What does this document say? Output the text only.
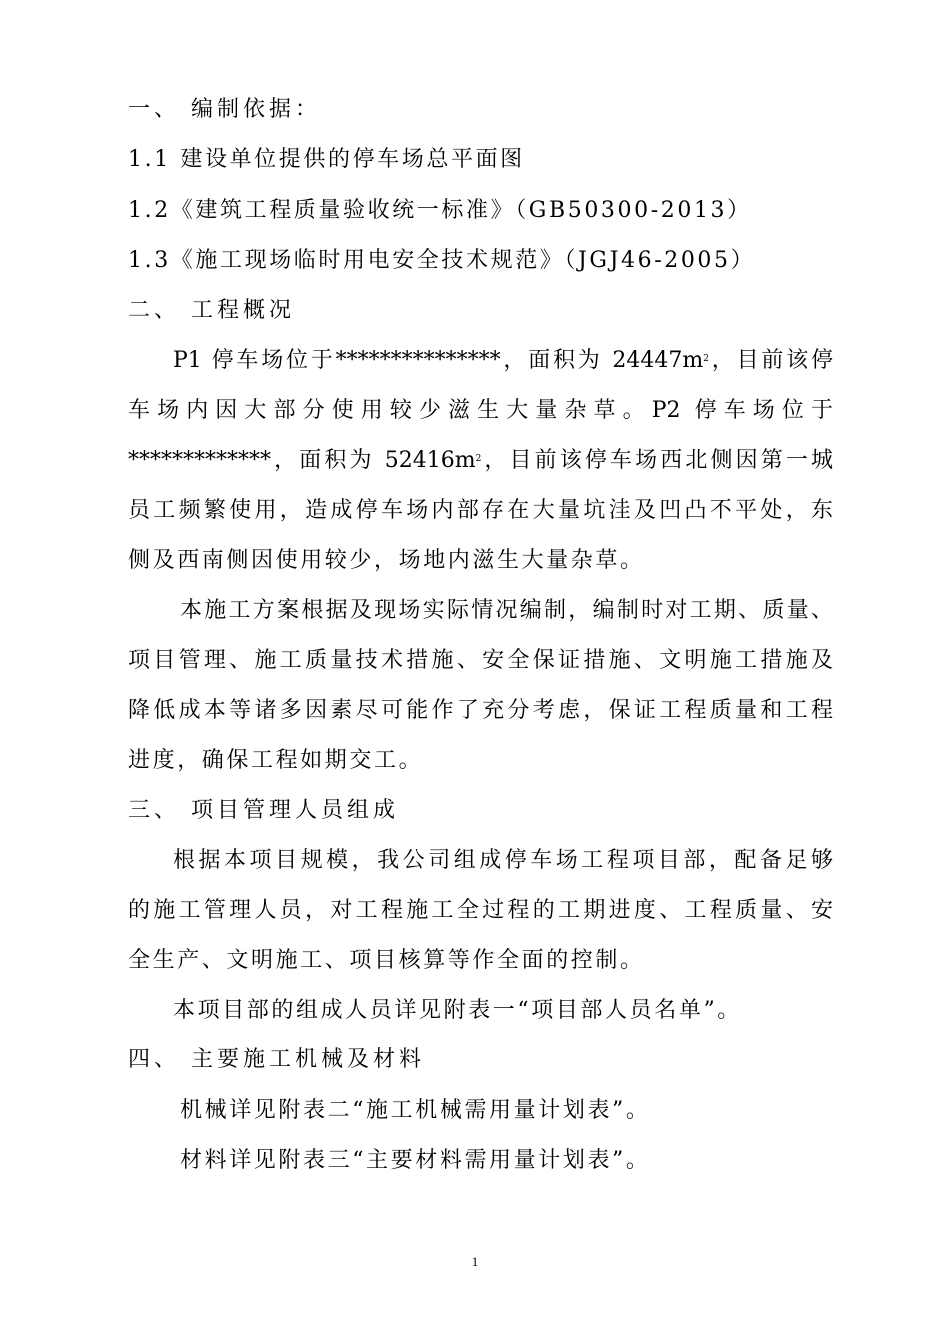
一、 编制依据：
1.1 建设单位提供的停车场总平面图
1.2《建筑工程质量验收统一标准》（GB50300-2013）
1.3《施工现场临时用电安全技术规范》（JGJ46-2005）
二、 工程概况
P1 停车场位于***************，面积为 $24447m^2$，目前该停
车场内因大部分使用较少滋生大量杂草。P2 停车场位于
*************，面积为 $52416m^2$，目前该停车场西北侧因第一城
员工频繁使用，造成停车场内部存在大量坑洼及凹凸不平处，东
侧及西南侧因使用较少，场地内滋生大量杂草。
本施工方案根据及现场实际情况编制，编制时对工期、质量、
项目管理、施工质量技术措施、安全保证措施、文明施工措施及
降低成本等诸多因素尽可能作了充分考虑，保证工程质量和工程
进度，确保工程如期交工。
三、 项目管理人员组成
根据本项目规模，我公司组成停车场工程项目部，配备足够
的施工管理人员，对工程施工全过程的工期进度、工程质量、安
全生产、文明施工、项目核算等作全面的控制。
本项目部的组成人员详见附表一“项目部人员名单”。
四、 主要施工机械及材料
机械详见附表二“施工机械需用量计划表”。
材料详见附表三“主要材料需用量计划表”。
1
